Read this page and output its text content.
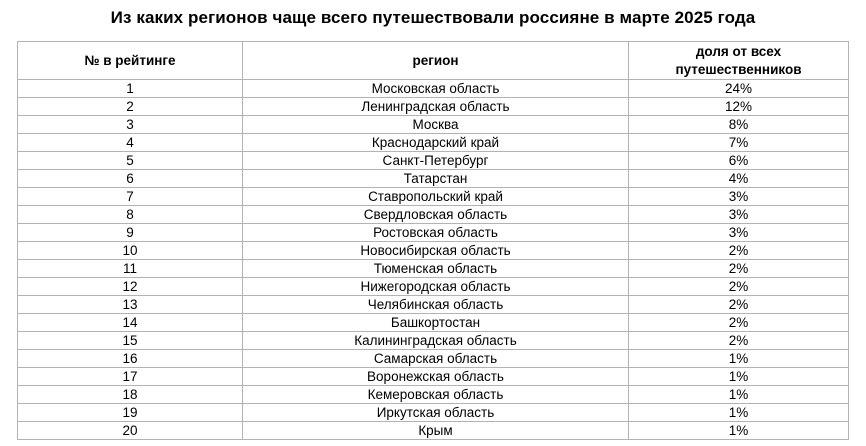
Из каких регионов чаще всего путешествовали россияне в марте 2025 года
№ в рейтинге	регион	доля от всех путешественников
1	Московская область	24%
2	Ленинградская область	12%
3	Москва	8%
4	Краснодарский край	7%
5	Санкт-Петербург	6%
6	Татарстан	4%
7	Ставропольский край	3%
8	Свердловская область	3%
9	Ростовская область	3%
10	Новосибирская область	2%
11	Тюменская область	2%
12	Нижегородская область	2%
13	Челябинская область	2%
14	Башкортостан	2%
15	Калининградская область	2%
16	Самарская область	1%
17	Воронежская область	1%
18	Кемеровская область	1%
19	Иркутская область	1%
20	Крым	1%
